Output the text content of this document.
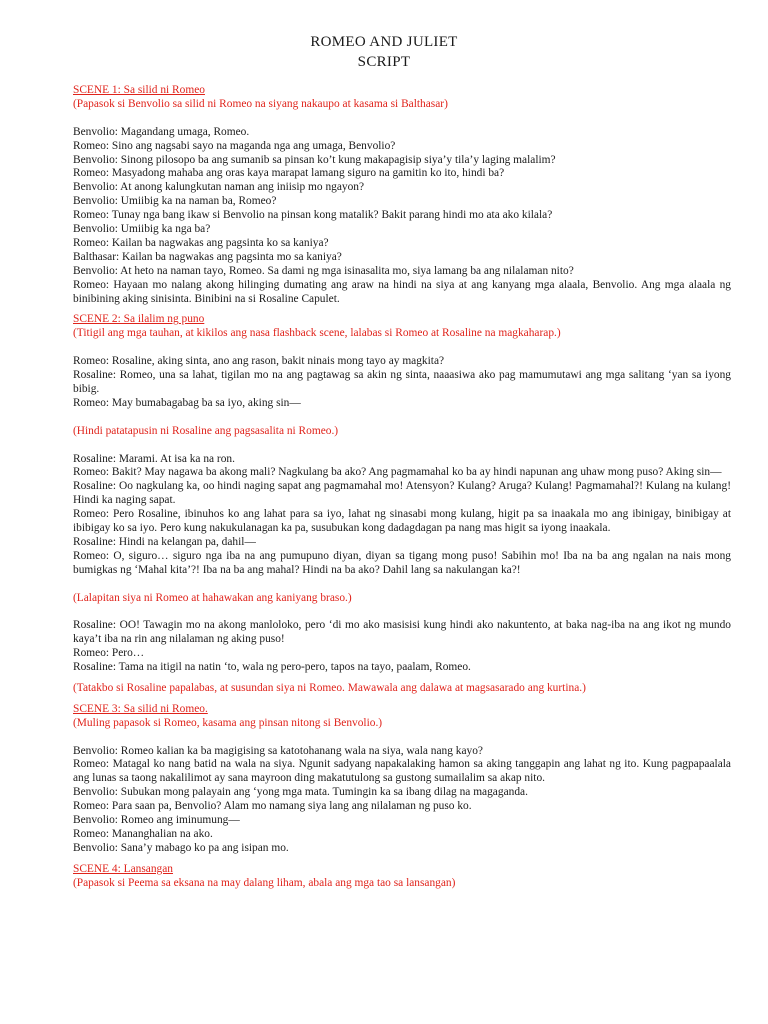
ROMEO AND JULIET
SCRIPT

SCENE 1: Sa silid ni Romeo

(Papasok si Benvolio sa silid ni Romeo na siyang nakaupo at kasama si Balthasar)

Benvolio: Magandang umaga, Romeo.

Romeo: Sino ang nagsabi sayo na maganda nga ang umaga, Benvolio?

Benvolio: Sinong pilosopo ba ang sumanib sa pinsan ko’t kung makapagisip siya’y tila’y laging malalim?

Romeo: Masyadong mahaba ang oras kaya marapat lamang siguro na gamitin ko ito, hindi ba?

Benvolio: At anong kalungkutan naman ang iniisip mo ngayon?

Benvolio: Umiibig ka na naman ba, Romeo?

Romeo: Tunay nga bang ikaw si Benvolio na pinsan kong matalik? Bakit parang hindi mo ata ako kilala?

Benvolio: Umiibig ka nga ba?

Romeo: Kailan ba nagwakas ang pagsinta ko sa kaniya?

Balthasar: Kailan ba nagwakas ang pagsinta mo sa kaniya?

Benvolio: At heto na naman tayo, Romeo. Sa dami ng mga isinasalita mo, siya lamang ba ang nilalaman nito?

Romeo: Hayaan mo nalang akong hilinging dumating ang araw na hindi na siya at ang kanyang mga alaala, Benvolio. Ang mga alaala ng binibining aking sinisinta. Binibini na si Rosaline Capulet.

SCENE 2: Sa ilalim ng puno

(Titigil ang mga tauhan, at kikilos ang nasa flashback scene, lalabas si Romeo at Rosaline na magkaharap.)

Romeo: Rosaline, aking sinta, ano ang rason, bakit ninais mong tayo ay magkita?

Rosaline: Romeo, una sa lahat, tigilan mo na ang pagtawag sa akin ng sinta, naaasiwa ako pag mamumutawi ang mga salitang ‘yan sa iyong bibig.

Romeo: May bumabagabag ba sa iyo, aking sin—

(Hindi patatapusin ni Rosaline ang pagsasalita ni Romeo.)

Rosaline: Marami. At isa ka na ron.

Romeo: Bakit? May nagawa ba akong mali? Nagkulang ba ako? Ang pagmamahal ko ba ay hindi napunan ang uhaw mong puso? Aking sin—

Rosaline: Oo nagkulang ka, oo hindi naging sapat ang pagmamahal mo! Atensyon? Kulang? Aruga? Kulang! Pagmamahal?! Kulang na kulang! Hindi ka naging sapat.

Romeo: Pero Rosaline, ibinuhos ko ang lahat para sa iyo, lahat ng sinasabi mong kulang, higit pa sa inaakala mo ang ibinigay, binibigay at ibibigay ko sa iyo. Pero kung nakukulanagan ka pa, susubukan kong dadagdagan pa nang mas higit sa iyong inaakala.

Rosaline: Hindi na kelangan pa, dahil—

Romeo: O, siguro… siguro nga iba na ang pumupuno diyan, diyan sa tigang mong puso! Sabihin mo! Iba na ba ang ngalan na nais mong bumigkas ng ‘Mahal kita’?! Iba na ba ang mahal? Hindi na ba ako? Dahil lang sa nakulangan ka?!

(Lalapitan siya ni Romeo at hahawakan ang kaniyang braso.)

Rosaline: OO! Tawagin mo na akong manloloko, pero ‘di mo ako masisisi kung hindi ako nakuntento, at baka nag-iba na ang ikot ng mundo kaya’t iba na rin ang nilalaman ng aking puso!

Romeo: Pero…

Rosaline: Tama na itigil na natin ‘to, wala ng pero-pero, tapos na tayo, paalam, Romeo.

(Tatakbo si Rosaline papalabas, at susundan siya ni Romeo. Mawawala ang dalawa at magsasarado ang kurtina.)

SCENE 3: Sa silid ni Romeo.

(Muling papasok si Romeo, kasama ang pinsan nitong si Benvolio.)

Benvolio: Romeo kalian ka ba magigising sa katotohanang wala na siya, wala nang kayo?

Romeo: Matagal ko nang batid na wala na siya. Ngunit sadyang napakalaking hamon sa aking tanggapin ang lahat ng ito. Kung pagpapaalala ang lunas sa taong nakalilimot ay sana mayroon ding makatutulong sa gustong sumailalim sa akap nito.

Benvolio: Subukan mong palayain ang ‘yong mga mata. Tumingin ka sa ibang dilag na magaganda.

Romeo: Para saan pa, Benvolio? Alam mo namang siya lang ang nilalaman ng puso ko.

Benvolio: Romeo ang iminumung—

Romeo: Mananghalian na ako.

Benvolio: Sana’y mabago ko pa ang isipan mo.

SCENE 4: Lansangan

(Papasok si Peema sa eksana na may dalang liham, abala ang mga tao sa lansangan)
